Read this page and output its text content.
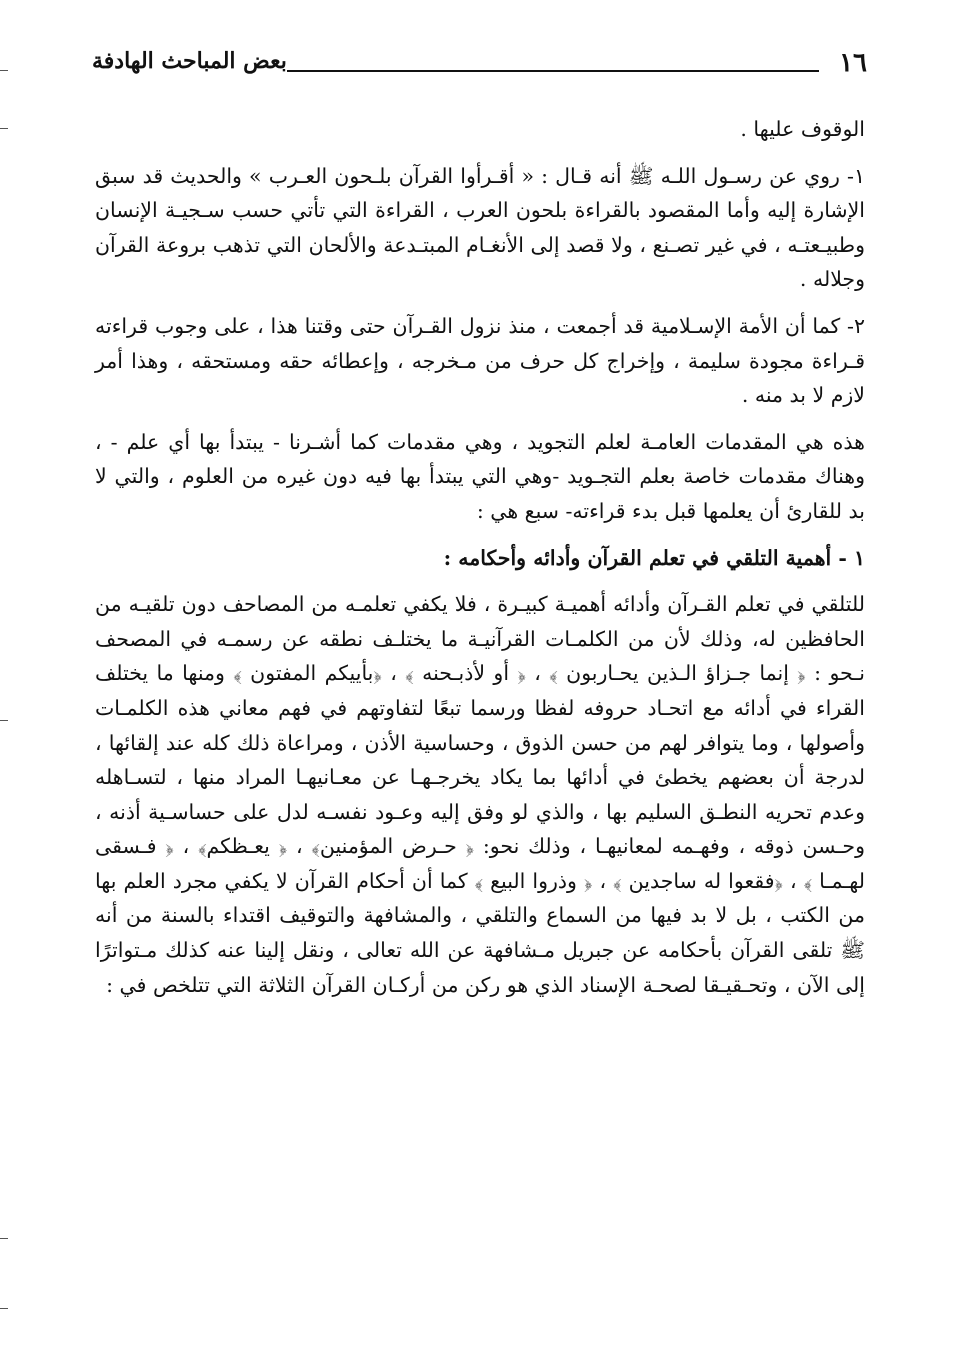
١٦
بعض المباحث الهادفة

الوقوف عليها .

١- روي عن رسـول اللـه ﷺ أنه قـال : « أقـرأوا القرآن بلـحون العـرب » والحديث قد سبق الإشارة إليه وأما المقصود بالقراءة بلحون العرب ، القراءة التي تأتي حسب سـجيـة الإنسان وطبيـعتـه ، في غير تصـنع ، ولا قصد إلى الأنغـام المبتـدعة والألحان التي تذهب بروعة القرآن وجلاله .

٢- كما أن الأمة الإسـلامية قد أجمعت ، منذ نزول القـرآن حتى وقتنا هذا ، على وجوب قراءته قـراءة مجودة سليمة ، وإخراج كل حرف من مـخرجه ، وإعطائه حقه ومستحقه ، وهذا أمر لازم لا بد منه .

هذه هي المقدمات العامـة لعلم التجويد ، وهي مقدمات كما أشـرنا - يبتدأ بها أي علم - ، وهناك مقدمات خاصة بعلم التجـويد -وهي التي يبتدأ بها فيه دون غيره من العلوم ، والتي لا بد للقارئ أن يعلمها قبل بدء قراءته- سبع هي :

١ - أهمية التلقي في تعلم القرآن وأدائه وأحكامه :

للتلقي في تعلم القـرآن وأدائه أهميـة كبيـرة ، فلا يكفي تعلمـه من المصاحف دون تلقيـه من الحافظين له، وذلك لأن من الكلمـات القرآنيـة ما يختلـف نطقه عن رسمـه في المصحف نـحو : ﴿ إنما جـزاؤ الـذين يحـاربون ﴾ ، ﴿ أو لأذبـحنه ﴾ ، ﴿بأييكم المفتون ﴾ ومنها ما يختلف القراء في أدائه مع اتحـاد حروفه لفظا ورسما تبعًا لتفاوتهم في فهم معاني هذه الكلمـات وأصولها ، وما يتوافر لهم من حسن الذوق ، وحساسية الأذن ، ومراعاة ذلك كله عند إلقائها ، لدرجة أن بعضهم يخطئ في أدائها بما يكاد يخرجـهـا عن معـانيهـا المراد منها ، لتسـاهله وعدم تحريه النطـق السليم بها ، والذي لو وفق إليه وعـود نفسـه لدل على حساسـية أذنه ، وحـسن ذوقه ، وفهـمه لمعانيهـا ، وذلك نحو: ﴿ حـرض المؤمنين﴾ ، ﴿ يعـظكم﴾ ، ﴿ فـسقى لهـمـا ﴾ ، ﴿فقعوا له ساجدين ﴾ ، ﴿ وذروا البيع ﴾ كما أن أحكام القرآن لا يكفي مجرد العلم بها من الكتب ، بل لا بد فيها من السماع والتلقي ، والمشافهة والتوقيف اقتداء بالسنة من أنه ﷺ تلقى القرآن بأحكامه عن جبريل مـشافهة عن الله تعالى ، ونقل إلينا عنه كذلك مـتواترًا إلى الآن ، وتحـقيـقا لصحـة الإسناد الذي هو ركن من أركـان القرآن الثلاثة التي تتلخص في :
